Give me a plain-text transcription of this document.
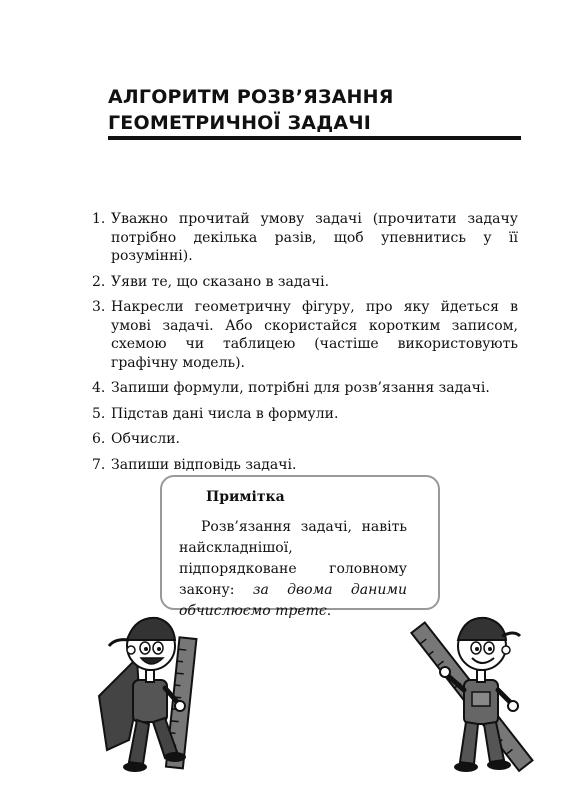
АЛГОРИТМ РОЗВ’ЯЗАННЯ
ГЕОМЕТРИЧНОЇ ЗАДАЧІ
1. Уважно прочитай умову задачі (прочитати задачу потрібно декілька разів, щоб упевнитись у її розумінні).
2. Уяви те, що сказано в задачі.
3. Накресли геометричну фігуру, про яку йдеться в умові задачі. Або скористайся коротким записом, схемою чи таблицею (частіше використовують графічну модель).
4. Запиши формули, потрібні для розв’язання задачі.
5. Підстав дані числа в формули.
6. Обчисли.
7. Запиши відповідь задачі.
Примітка
Розв’язання задачі, навіть найскладнішої, підпорядковане головному закону: за двома даними обчислюємо третє.
